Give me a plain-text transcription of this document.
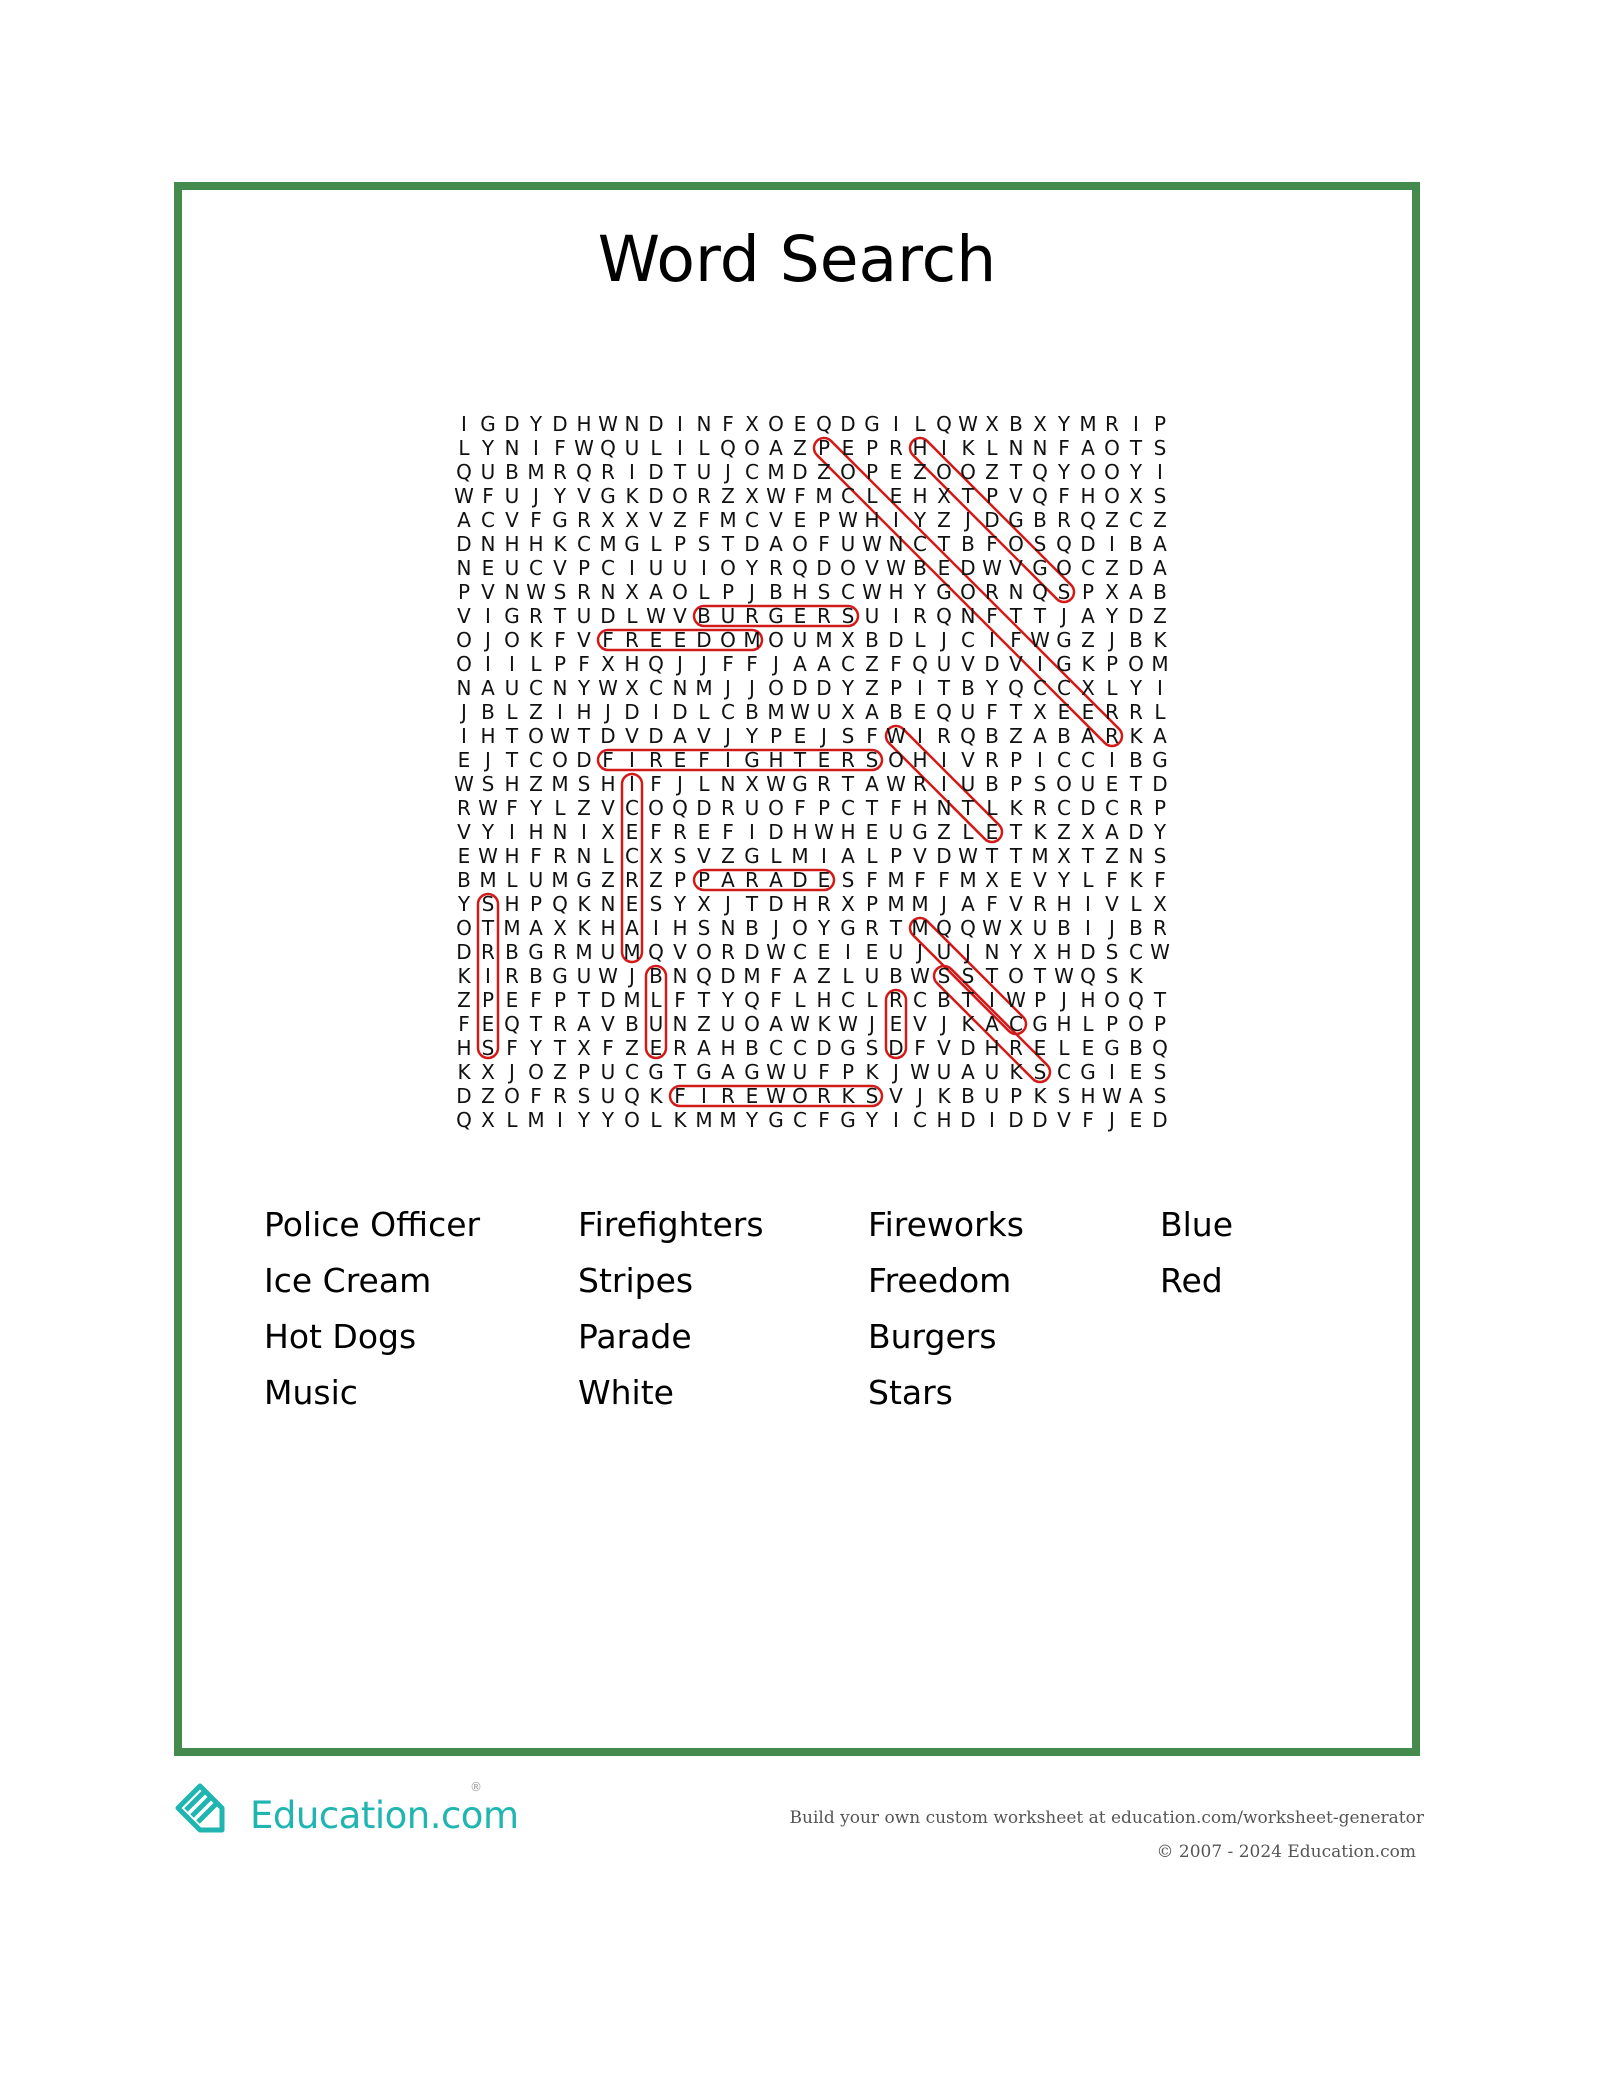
Word Search
I G D Y D H W N D I N F X O E Q D G I L Q W X B X Y M R I P
L Y N I F W Q U L I L Q O A Z P E P R H I K L N N F A O T S
Q U B M R Q R I D T U J C M D Z O P E Z O O Z T Q Y O O Y I
W F U J Y V G K D O R Z X W F M C L E H X T P V Q F H O X S
A C V F G R X X V Z F M C V E P W H I Y Z J D G B R Q Z C Z
D N H H K C M G L P S T D A O F U W N C T B F O S Q D I B A
N E U C V P C I U U I O Y R Q D O V W B E D W V G O C Z D A
P V N W S R N X A O L P J B H S C W H Y G O R N Q S P X A B
V I G R T U D L W V B U R G E R S U I R Q N F T T J A Y D Z
O J O K F V F R E E D O M O U M X B D L J C I F W G Z J B K
O I I L P F X H Q J J F F J A A C Z F Q U V D V I G K P O M
N A U C N Y W X C N M J J O D D Y Z P I T B Y Q C C X L Y I
J B L Z I H J D I D L C B M W U X A B E Q U F T X E E R R L
I H T O W T D V D A V J Y P E J S F W I R Q B Z A B A R K A
E J T C O D F I R E F I G H T E R S O H I V R P I C C I B G
W S H Z M S H I F J L N X W G R T A W R I U B P S O U E T D
R W F Y L Z V C O Q D R U O F P C T F H N T L K R C D C R P
V Y I H N I X E F R E F I D H W H E U G Z L E T K Z X A D Y
E W H F R N L C X S V Z G L M I A L P V D W T T M X T Z N S
B M L U M G Z R Z P P A R A D E S F M F F M X E V Y L F K F
Y S H P Q K N E S Y X J T D H R X P M M J A F V R H I V L X
O T M A X K H A I H S N B J O Y G R T M Q Q W X U B I J B R
D R B G R M U M Q V O R D W C E I E U J U J N Y X H D S C W
K I R B G U W J B N Q D M F A Z L U B W S S T O T W Q S K
Z P E F P T D M L F T Y Q F L H C L R C B T I W P J H O Q T
F E Q T R A V B U N Z U O A W K W J E V J K A C G H L P O P
H S F Y T X F Z E R A H B C C D G S D F V D H R E L E G B Q
K X J O Z P U C G T G A G W U F P K J W U A U K S C G I E S
D Z O F R S U Q K F I R E W O R K S V J K B U P K S H W A S
Q X L M I Y Y O L K M M Y G C F G Y I C H D I D D V F J E D
Police Officer
Ice Cream
Hot Dogs
Music
Firefighters
Stripes
Parade
White
Fireworks
Freedom
Burgers
Stars
Blue
Red
Education.com
®
Build your own custom worksheet at education.com/worksheet-generator
© 2007 - 2024 Education.com
